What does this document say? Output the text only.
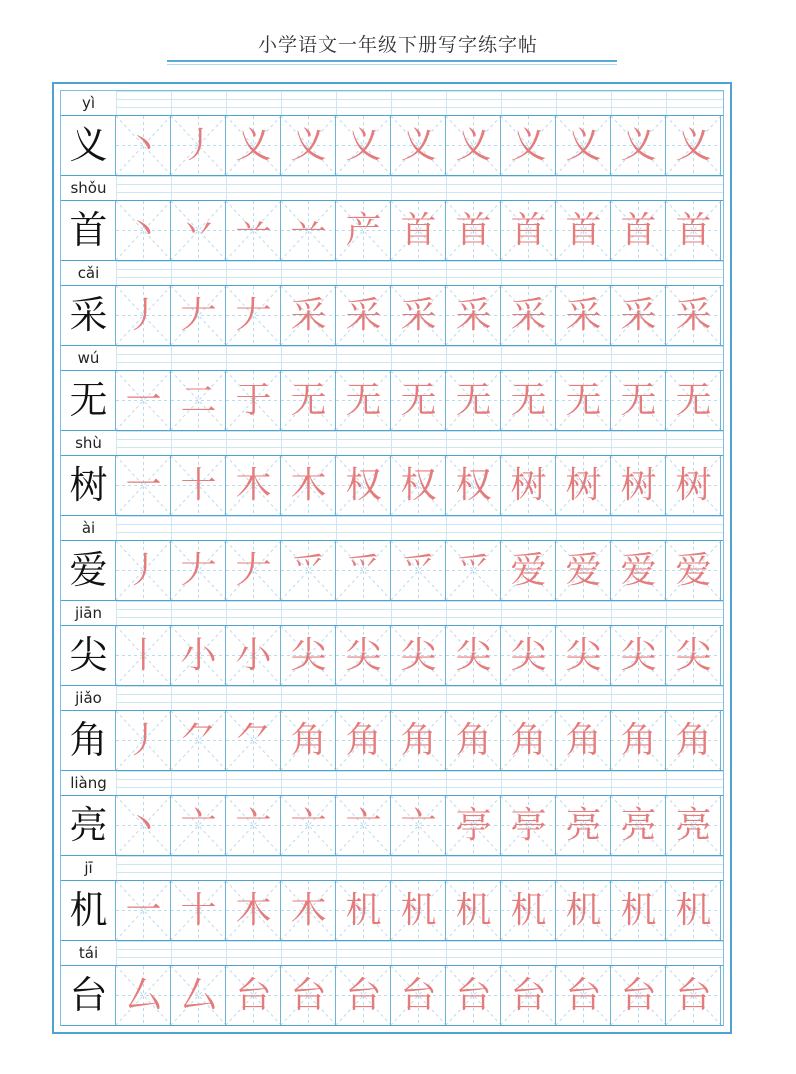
小学语文一年级下册写字练字帖
yì
义 丶 丿 义 义 义 义 义 义 义 义 义
shǒu
首 丶 丷 䒑 䒑 产 首 首 首 首 首 首
cǎi
采 丿 𠂇 𠂇 采 采 采 采 采 采 采 采
wú
无 一 二 于 无 无 无 无 无 无 无 无
shù
树 一 十 木 木 权 权 权 树 树 树 树
ài
爱 丿 𠂇 𠂇 爫 爫 爫 爫 爱 爱 爱 爱
jiān
尖 丨 小 小 尖 尖 尖 尖 尖 尖 尖 尖
jiǎo
角 丿 ⺈ ⺈ 角 角 角 角 角 角 角 角
liàng
亮 丶 亠 亠 亠 亠 亠 亭 亭 亮 亮 亮
jī
机 一 十 木 木 机 机 机 机 机 机 机
tái
台 厶 厶 台 台 台 台 台 台 台 台 台
